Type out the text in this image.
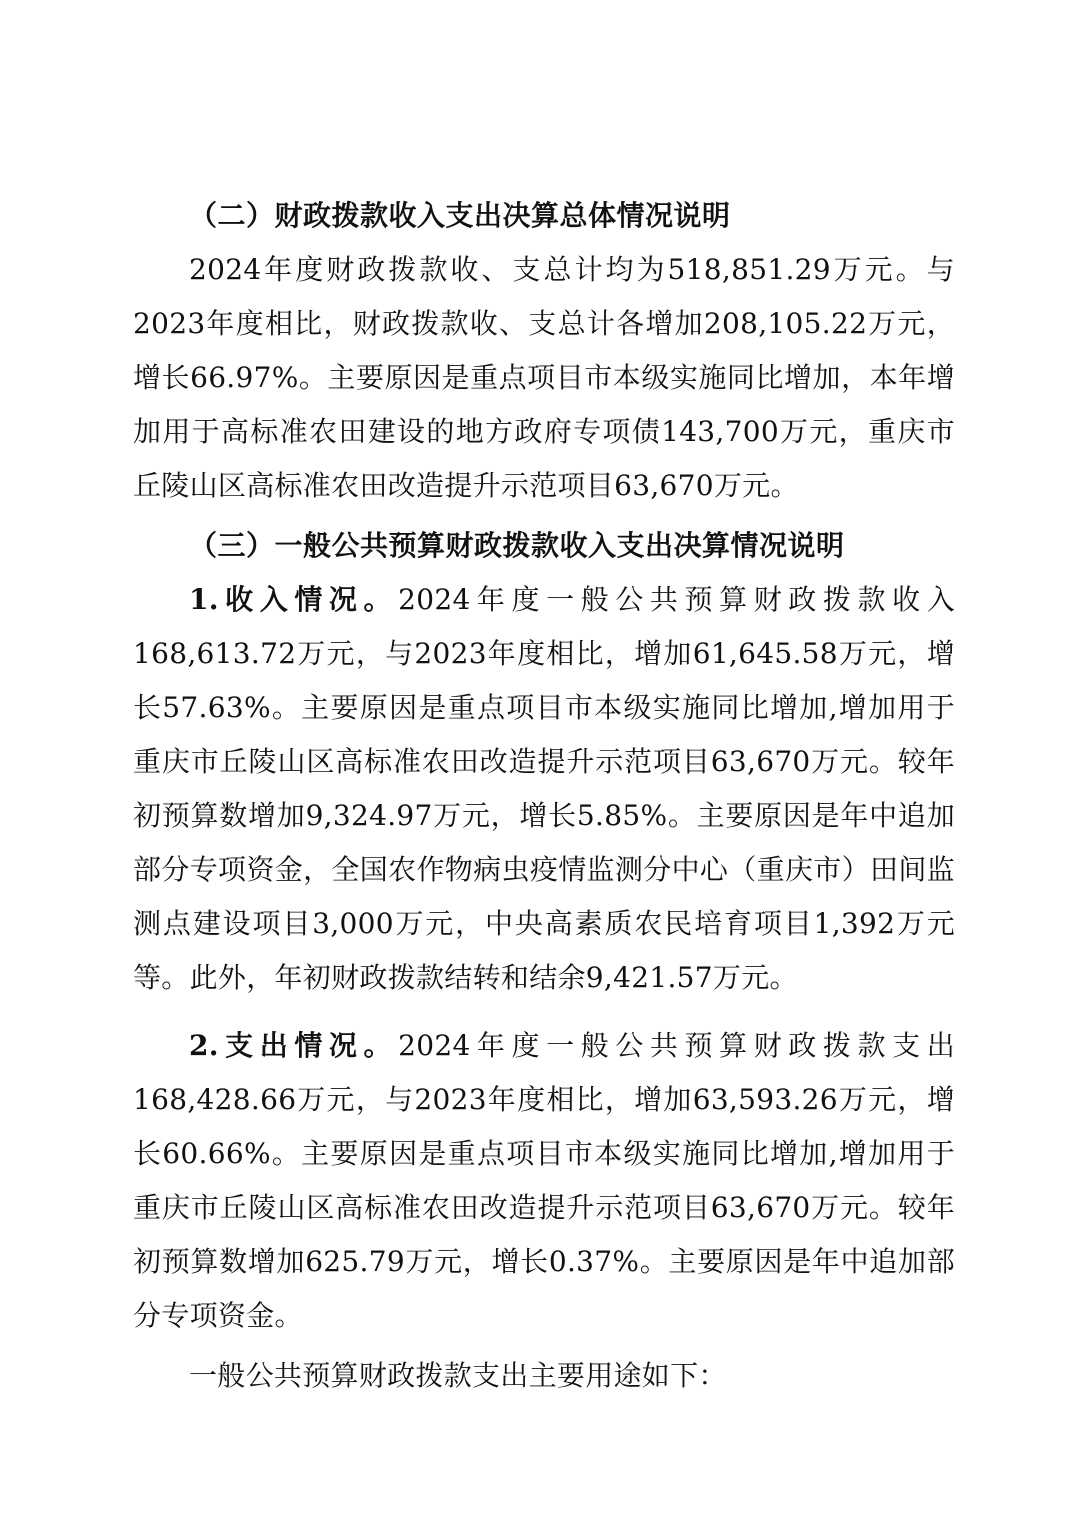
（二）财政拨款收入支出决算总体情况说明

2024年度财政拨款收、支总计均为518,851.29万元。与2023年度相比，财政拨款收、支总计各增加208,105.22万元，增长66.97%。主要原因是重点项目市本级实施同比增加，本年增加用于高标准农田建设的地方政府专项债143,700万元，重庆市丘陵山区高标准农田改造提升示范项目63,670万元。

（三）一般公共预算财政拨款收入支出决算情况说明

1.收入情况。2024年度一般公共预算财政拨款收入168,613.72万元，与2023年度相比，增加61,645.58万元，增长57.63%。主要原因是重点项目市本级实施同比增加,增加用于重庆市丘陵山区高标准农田改造提升示范项目63,670万元。较年初预算数增加9,324.97万元，增长5.85%。主要原因是年中追加部分专项资金，全国农作物病虫疫情监测分中心（重庆市）田间监测点建设项目3,000万元，中央高素质农民培育项目1,392万元等。此外，年初财政拨款结转和结余9,421.57万元。

2.支出情况。2024年度一般公共预算财政拨款支出168,428.66万元，与2023年度相比，增加63,593.26万元，增长60.66%。主要原因是重点项目市本级实施同比增加,增加用于重庆市丘陵山区高标准农田改造提升示范项目63,670万元。较年初预算数增加625.79万元，增长0.37%。主要原因是年中追加部分专项资金。

一般公共预算财政拨款支出主要用途如下：
